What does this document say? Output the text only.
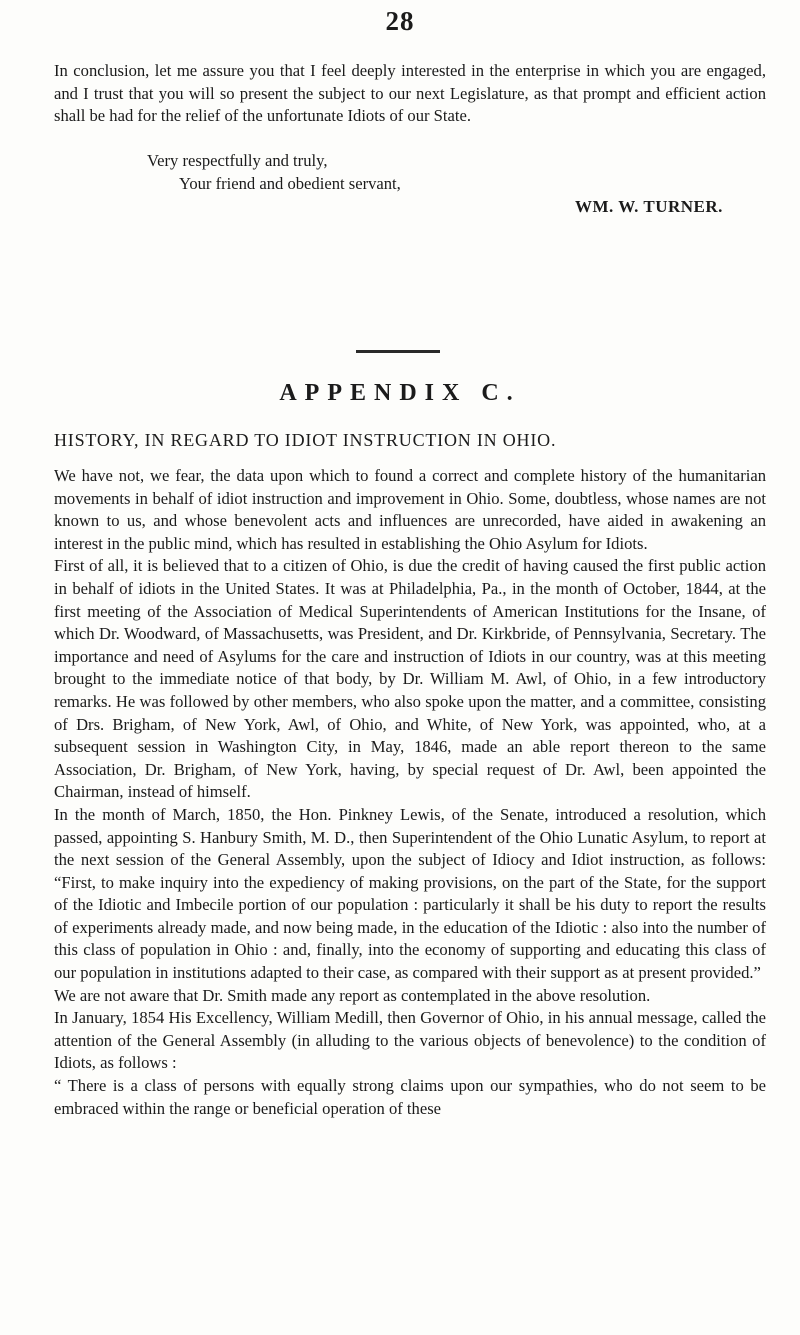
28

In conclusion, let me assure you that I feel deeply interested in the enterprise in which you are engaged, and I trust that you will so present the subject to our next Legislature, as that prompt and efficient action shall be had for the relief of the unfortunate Idiots of our State.

Very respectfully and truly,
Your friend and obedient servant,
WM. W. TURNER.
APPENDIX C.
HISTORY, IN REGARD TO IDIOT INSTRUCTION IN OHIO.

We have not, we fear, the data upon which to found a correct and complete history of the humanitarian movements in behalf of idiot instruction and improvement in Ohio. Some, doubtless, whose names are not known to us, and whose benevolent acts and influences are unrecorded, have aided in awakening an interest in the public mind, which has resulted in establishing the Ohio Asylum for Idiots.

First of all, it is believed that to a citizen of Ohio, is due the credit of having caused the first public action in behalf of idiots in the United States. It was at Philadelphia, Pa., in the month of October, 1844, at the first meeting of the Association of Medical Superintendents of American Institutions for the Insane, of which Dr. Woodward, of Massachusetts, was President, and Dr. Kirkbride, of Pennsylvania, Secretary. The importance and need of Asylums for the care and instruction of Idiots in our country, was at this meeting brought to the immediate notice of that body, by Dr. William M. Awl, of Ohio, in a few introductory remarks. He was followed by other members, who also spoke upon the matter, and a committee, consisting of Drs. Brigham, of New York, Awl, of Ohio, and White, of New York, was appointed, who, at a subsequent session in Washington City, in May, 1846, made an able report thereon to the same Association, Dr. Brigham, of New York, having, by special request of Dr. Awl, been appointed the Chairman, instead of himself.

In the month of March, 1850, the Hon. Pinkney Lewis, of the Senate, introduced a resolution, which passed, appointing S. Hanbury Smith, M. D., then Superintendent of the Ohio Lunatic Asylum, to report at the next session of the General Assembly, upon the subject of Idiocy and Idiot instruction, as follows: “First, to make inquiry into the expediency of making provisions, on the part of the State, for the support of the Idiotic and Imbecile portion of our population : particularly it shall be his duty to report the results of experiments already made, and now being made, in the education of the Idiotic : also into the number of this class of population in Ohio : and, finally, into the economy of supporting and educating this class of our population in institutions adapted to their case, as compared with their support as at present provided.”

We are not aware that Dr. Smith made any report as contemplated in the above resolution.

In January, 1854 His Excellency, William Medill, then Governor of Ohio, in his annual message, called the attention of the General Assembly (in alluding to the various objects of benevolence) to the condition of Idiots, as follows :

“ There is a class of persons with equally strong claims upon our sympathies, who do not seem to be embraced within the range or beneficial operation of these
